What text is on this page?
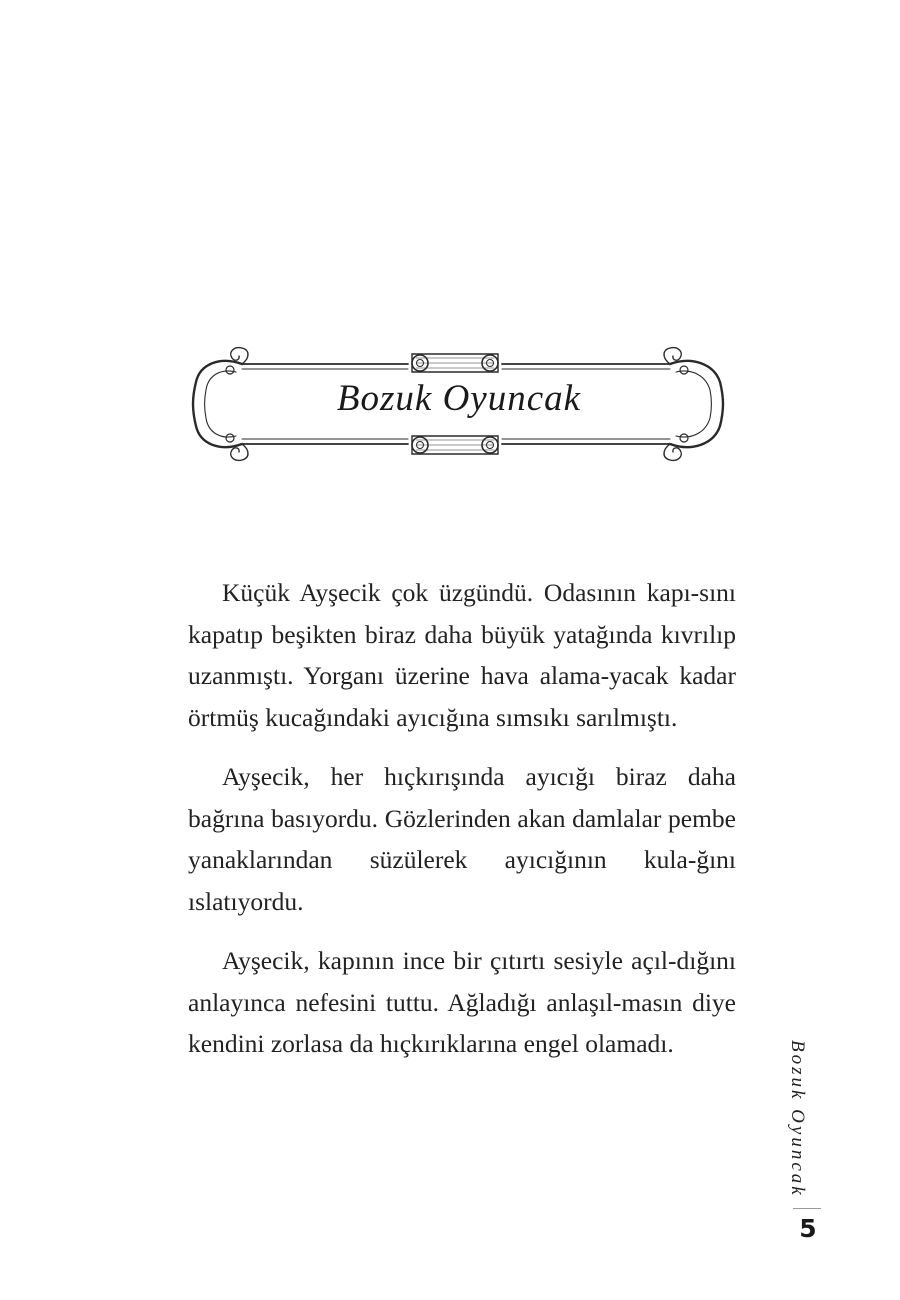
Bozuk Oyuncak

Küçük Ayşecik çok üzgündü. Odasının kapı-sını kapatıp beşikten biraz daha büyük yatağında kıvrılıp uzanmıştı. Yorganı üzerine hava alama-yacak kadar örtmüş kucağındaki ayıcığına sımsıkı sarılmıştı.

Ayşecik, her hıçkırışında ayıcığı biraz daha bağrına basıyordu. Gözlerinden akan damlalar pembe yanaklarından süzülerek ayıcığının kula-ğını ıslatıyordu.

Ayşecik, kapının ince bir çıtırtı sesiyle açıl-dığını anlayınca nefesini tuttu. Ağladığı anlaşıl-masın diye kendini zorlasa da hıçkırıklarına engel olamadı.	Bozuk Oyuncak
5
